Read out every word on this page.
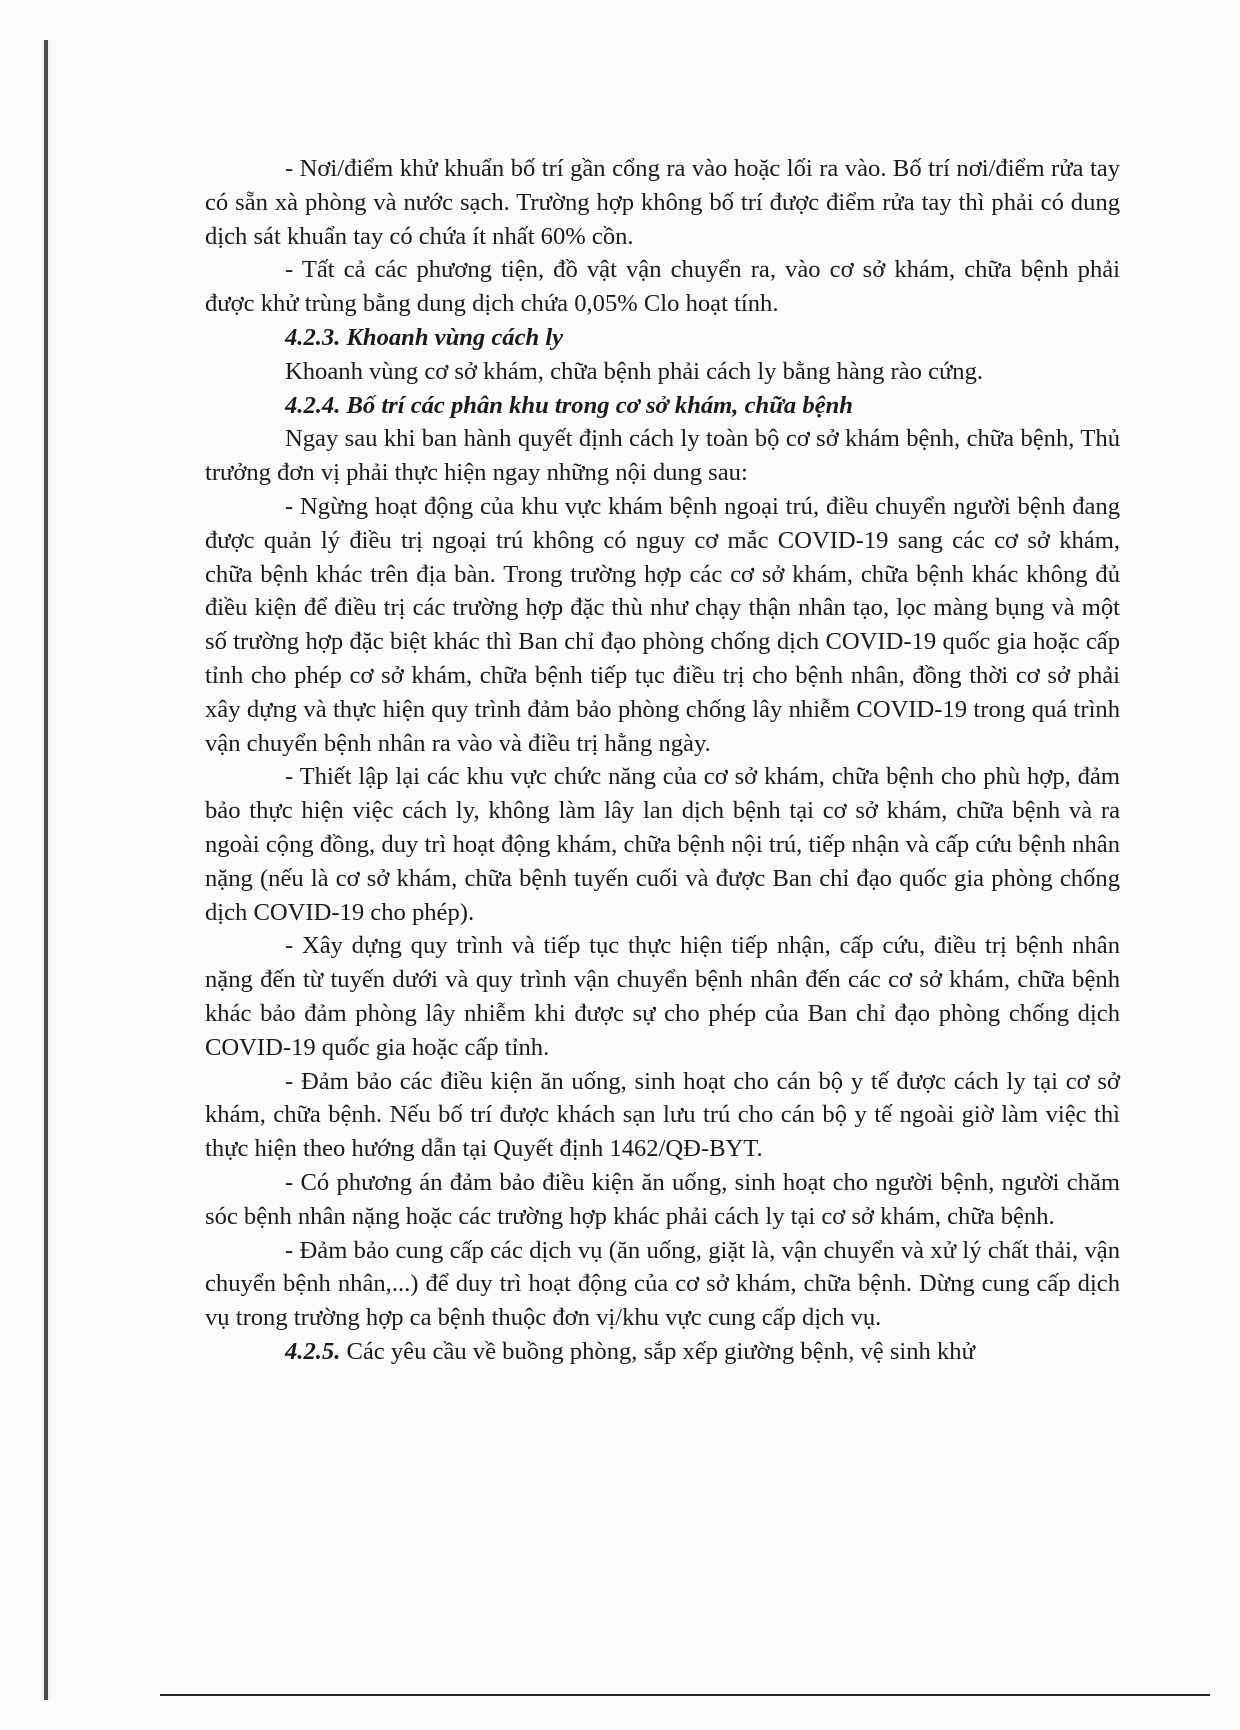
- Nơi/điểm khử khuẩn bố trí gần cổng ra vào hoặc lối ra vào. Bố trí nơi/điểm rửa tay có sẵn xà phòng và nước sạch. Trường hợp không bố trí được điểm rửa tay thì phải có dung dịch sát khuẩn tay có chứa ít nhất 60% cồn.

- Tất cả các phương tiện, đồ vật vận chuyển ra, vào cơ sở khám, chữa bệnh phải được khử trùng bằng dung dịch chứa 0,05% Clo hoạt tính.

4.2.3. Khoanh vùng cách ly

Khoanh vùng cơ sở khám, chữa bệnh phải cách ly bằng hàng rào cứng.

4.2.4. Bố trí các phân khu trong cơ sở khám, chữa bệnh

Ngay sau khi ban hành quyết định cách ly toàn bộ cơ sở khám bệnh, chữa bệnh, Thủ trưởng đơn vị phải thực hiện ngay những nội dung sau:

- Ngừng hoạt động của khu vực khám bệnh ngoại trú, điều chuyển người bệnh đang được quản lý điều trị ngoại trú không có nguy cơ mắc COVID-19 sang các cơ sở khám, chữa bệnh khác trên địa bàn. Trong trường hợp các cơ sở khám, chữa bệnh khác không đủ điều kiện để điều trị các trường hợp đặc thù như chạy thận nhân tạo, lọc màng bụng và một số trường hợp đặc biệt khác thì Ban chỉ đạo phòng chống dịch COVID-19 quốc gia hoặc cấp tỉnh cho phép cơ sở khám, chữa bệnh tiếp tục điều trị cho bệnh nhân, đồng thời cơ sở phải xây dựng và thực hiện quy trình đảm bảo phòng chống lây nhiễm COVID-19 trong quá trình vận chuyển bệnh nhân ra vào và điều trị hằng ngày.

- Thiết lập lại các khu vực chức năng của cơ sở khám, chữa bệnh cho phù hợp, đảm bảo thực hiện việc cách ly, không làm lây lan dịch bệnh tại cơ sở khám, chữa bệnh và ra ngoài cộng đồng, duy trì hoạt động khám, chữa bệnh nội trú, tiếp nhận và cấp cứu bệnh nhân nặng (nếu là cơ sở khám, chữa bệnh tuyến cuối và được Ban chỉ đạo quốc gia phòng chống dịch COVID-19 cho phép).

- Xây dựng quy trình và tiếp tục thực hiện tiếp nhận, cấp cứu, điều trị bệnh nhân nặng đến từ tuyến dưới và quy trình vận chuyển bệnh nhân đến các cơ sở khám, chữa bệnh khác bảo đảm phòng lây nhiễm khi được sự cho phép của Ban chỉ đạo phòng chống dịch COVID-19 quốc gia hoặc cấp tỉnh.

- Đảm bảo các điều kiện ăn uống, sinh hoạt cho cán bộ y tế được cách ly tại cơ sở khám, chữa bệnh. Nếu bố trí được khách sạn lưu trú cho cán bộ y tế ngoài giờ làm việc thì thực hiện theo hướng dẫn tại Quyết định 1462/QĐ-BYT.

- Có phương án đảm bảo điều kiện ăn uống, sinh hoạt cho người bệnh, người chăm sóc bệnh nhân nặng hoặc các trường hợp khác phải cách ly tại cơ sở khám, chữa bệnh.

- Đảm bảo cung cấp các dịch vụ (ăn uống, giặt là, vận chuyển và xử lý chất thải, vận chuyển bệnh nhân,...) để duy trì hoạt động của cơ sở khám, chữa bệnh. Dừng cung cấp dịch vụ trong trường hợp ca bệnh thuộc đơn vị/khu vực cung cấp dịch vụ.

4.2.5. Các yêu cầu về buồng phòng, sắp xếp giường bệnh, vệ sinh khử
